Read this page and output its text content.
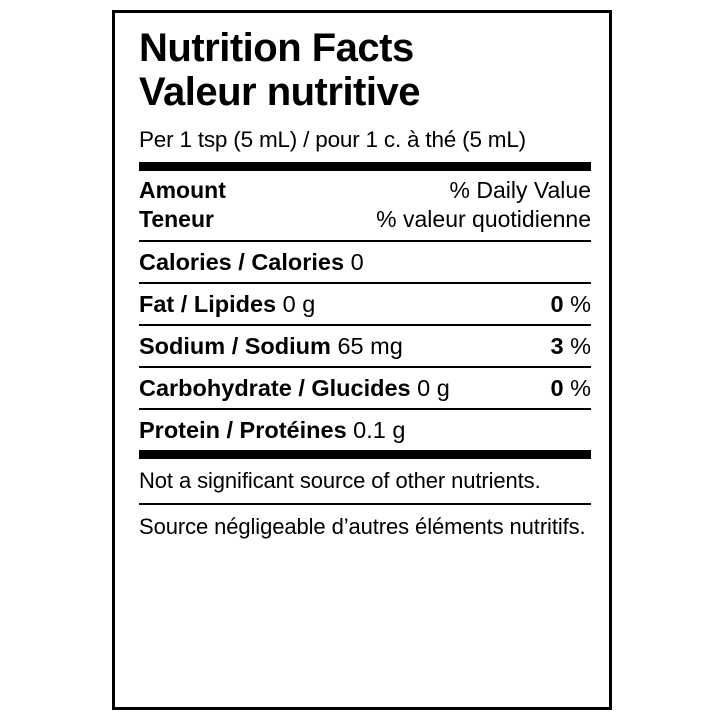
Nutrition Facts
Valeur nutritive
Per 1 tsp (5 mL) / pour 1 c. à thé (5 mL)
Amount	% Daily Value
Teneur	% valeur quotidienne
Calories / Calories 0
Fat / Lipides 0 g	0 %
Sodium / Sodium 65 mg	3 %
Carbohydrate / Glucides 0 g	0 %
Protein / Protéines 0.1 g
Not a significant source of other nutrients.
Source négligeable d’autres éléments nutritifs.
